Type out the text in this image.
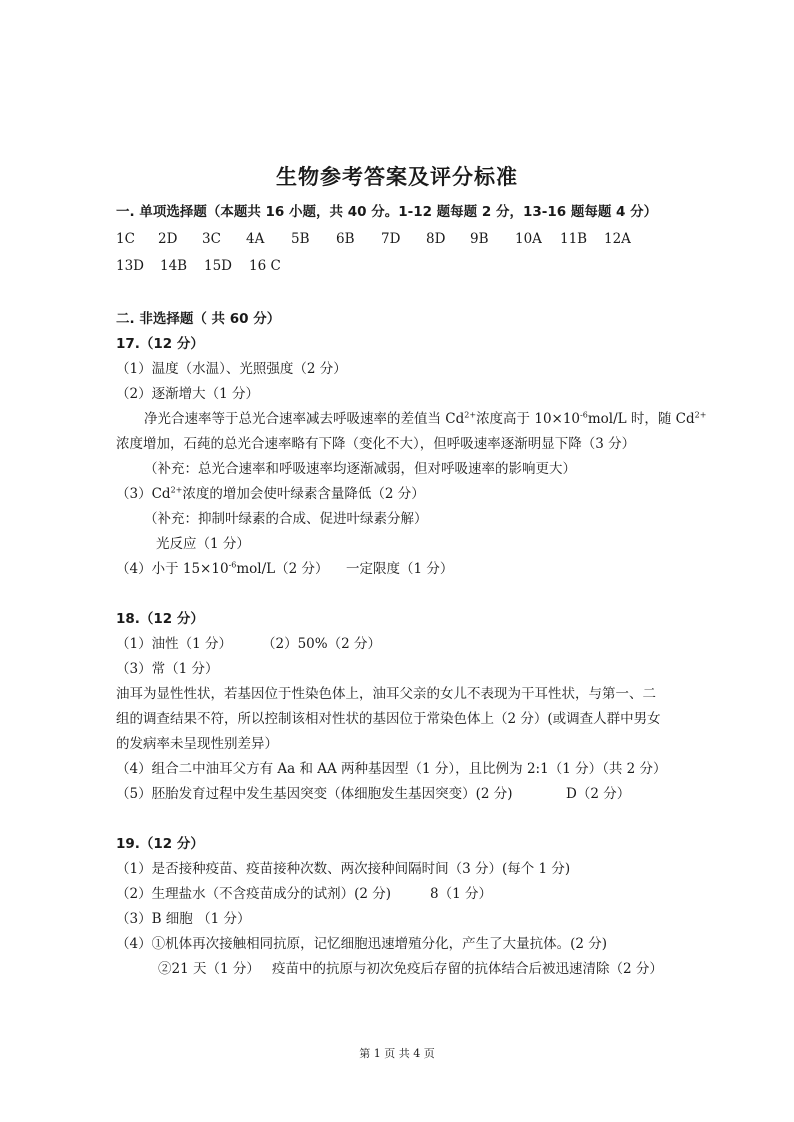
生物参考答案及评分标准
一. 单项选择题（本题共 16 小题，共 40 分。1-12 题每题 2 分，13-16 题每题 4 分）
1C 2D 3C 4A 5B 6B 7D 8D 9B 10A 11B 12A
13D 14B 15D 16 C
二. 非选择题（ 共 60 分）
17.（12 分）
（1）温度（水温）、光照强度（2 分）
（2）逐渐增大（1 分）
净光合速率等于总光合速率减去呼吸速率的差值当 $Cd^{2+}$浓度高于 $10\times 10^{-6}mol/L$ 时，随 $Cd^{2+}$
浓度增加，石莼的总光合速率略有下降（变化不大），但呼吸速率逐渐明显下降（3 分）
（补充：总光合速率和呼吸速率均逐渐减弱，但对呼吸速率的影响更大）
$(3)Cd^{2+}$浓度的增加会使叶绿素含量降低（2 分）
（补充：抑制叶绿素的合成、促进叶绿素分解）
光反应（1 分）
（4）小于 $15\times 10^{-6}mol/L(2$ 分） 一定限度（1 分）
18.（12 分）
（1）油性（1 分） （2）50%（2 分）
（3）常（1 分）
油耳为显性性状，若基因位于性染色体上，油耳父亲的女儿不表现为干耳性状，与第一、二
组的调查结果不符，所以控制该相对性状的基因位于常染色体上（2 分）(或调查人群中男女
的发病率未呈现性别差异）
（4）组合二中油耳父方有 Aa 和 AA 两种基因型（1 分），且比例为 2:1（1 分）（共 2 分）
（5）胚胎发育过程中发生基因突变（体细胞发生基因突变）(2 分)	D（2 分）
19.（12 分）
（1）是否接种疫苗、疫苗接种次数、两次接种间隔时间（3 分）(每个 1 分)
（2）生理盐水（不含疫苗成分的试剂）(2 分)	8（1 分）
（3）B 细胞 （1 分）
（4）①机体再次接触相同抗原，记忆细胞迅速增殖分化，产生了大量抗体。(2 分)
②21 天（1 分） 疫苗中的抗原与初次免疫后存留的抗体结合后被迅速清除（2 分）
第 1 页 共 4 页
